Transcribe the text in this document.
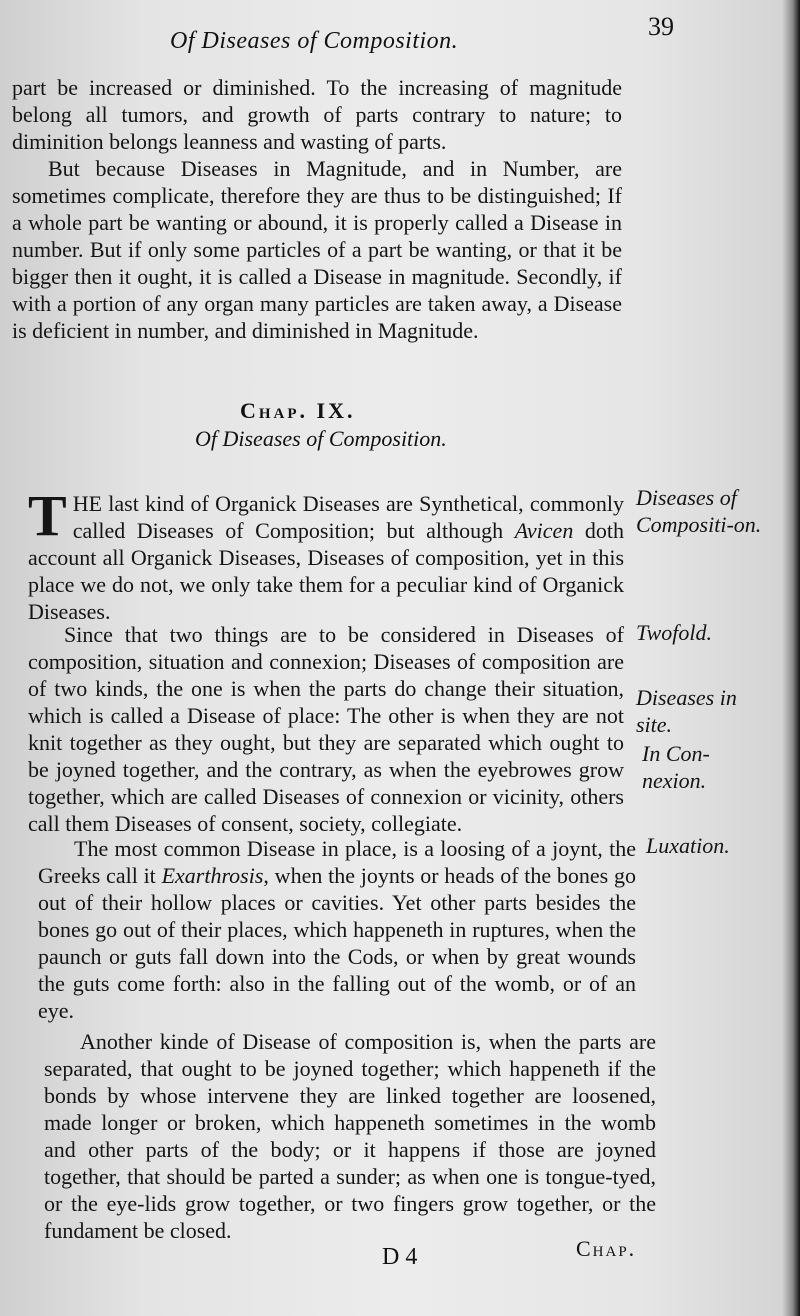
Of Diseases of Composition.	39

part be increased or diminished. To the increasing of magnitude belong all tumors, and growth of parts contrary to nature; to diminition belongs leanness and wasting of parts.

But because Diseases in Magnitude, and in Number, are sometimes complicate, therefore they are thus to be distinguished; If a whole part be wanting or abound, it is properly called a Disease in number. But if only some particles of a part be wanting, or that it be bigger then it ought, it is called a Disease in magnitude. Secondly, if with a portion of any organ many particles are taken away, a Disease is deficient in number, and diminished in Magnitude.

Chap. IX.
Of Diseases of Composition.

THE last kind of Organick Diseases are Synthetical, commonly called Diseases of Composition; but although Avicen doth account all Organick Diseases, Diseases of composition, yet in this place we do not, we only take them for a peculiar kind of Organick Diseases.

Since that two things are to be considered in Diseases of composition, situation and connexion; Diseases of composition are of two kinds, the one is when the parts do change their situation, which is called a Disease of place: The other is when they are not knit together as they ought, but they are separated which ought to be joyned together, and the contrary, as when the eyebrowes grow together, which are called Diseases of connexion or vicinity, others call them Diseases of consent, society, collegiate.

The most common Disease in place, is a loosing of a joynt, the Greeks call it Exarthrosis, when the joynts or heads of the bones go out of their hollow places or cavities. Yet other parts besides the bones go out of their places, which happeneth in ruptures, when the paunch or guts fall down into the Cods, or when by great wounds the guts come forth: also in the falling out of the womb, or of an eye.

Another kinde of Disease of composition is, when the parts are separated, that ought to be joyned together; which happeneth if the bonds by whose intervene they are linked together are loosened, made longer or broken, which happeneth sometimes in the womb and other parts of the body; or it happens if those are joyned together, that should be parted a sunder; as when one is tongue-tyed, or the eye-lids grow together, or two fingers grow together, or the fundament be closed.

Diseases of Compositi-on.
Twofold.
Diseases in site.
In Con-nexion.
Luxation.
D 4	Chap.
